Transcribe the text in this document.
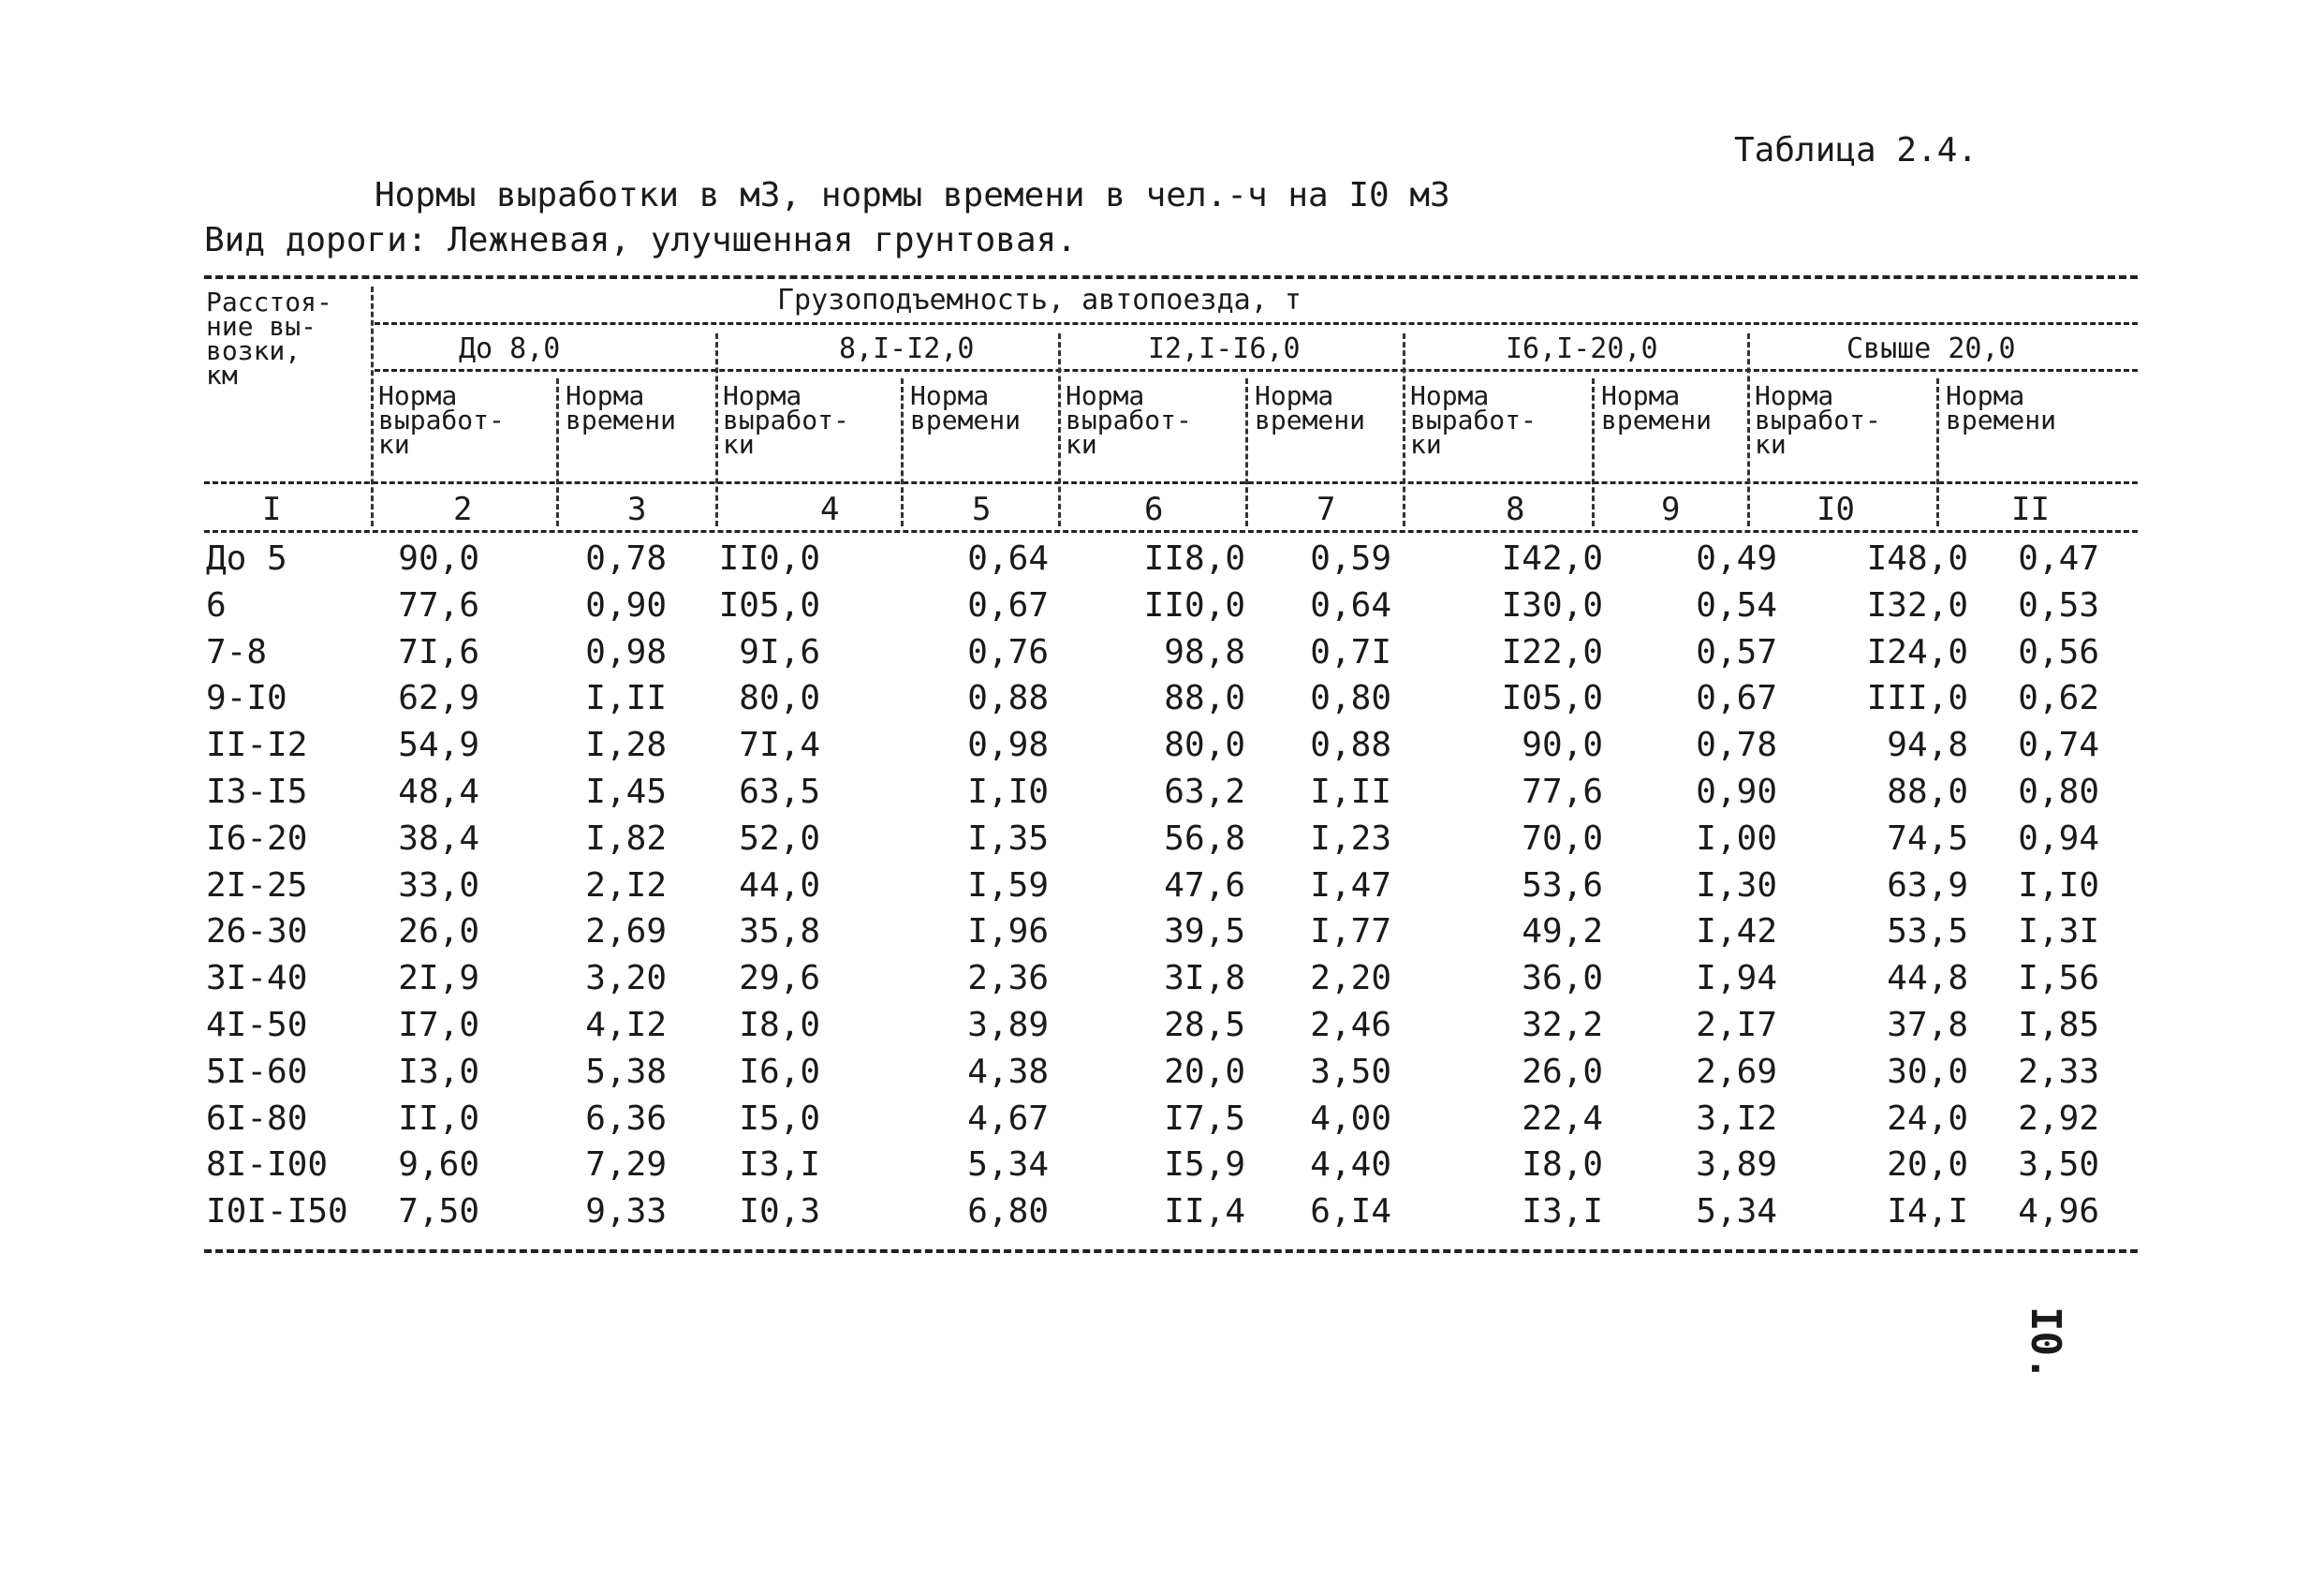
Таблица 2.4.
Нормы выработки в м3, нормы времени в чел.-ч на I0 м3
Вид дороги: Лежневая, улучшенная грунтовая.
Расстоя-
ние вы-
возки,
км
Грузоподъемность, автопоезда, т
До 8,0	8,I-I2,0	I2,I-I6,0	I6,I-20,0	Свыше 20,0
Норма
выработ-
ки
Норма
времени
Норма
выработ-
ки
Норма
времени
Норма
выработ-
ки
Норма
времени
Норма
выработ-
ки
Норма
времени
Норма
выработ-
ки
Норма
времени
I	2	3	4	5	6	7	8	9	I0	II
До 5	90,0	0,78	II0,0	0,64	II8,0	0,59	I42,0	0,49	I48,0	0,47
6	77,6	0,90	I05,0	0,67	II0,0	0,64	I30,0	0,54	I32,0	0,53
7-8	7I,6	0,98	9I,6	0,76	98,8	0,7I	I22,0	0,57	I24,0	0,56
9-I0	62,9	I,II	80,0	0,88	88,0	0,80	I05,0	0,67	III,0	0,62
II-I2	54,9	I,28	7I,4	0,98	80,0	0,88	90,0	0,78	94,8	0,74
I3-I5	48,4	I,45	63,5	I,I0	63,2	I,II	77,6	0,90	88,0	0,80
I6-20	38,4	I,82	52,0	I,35	56,8	I,23	70,0	I,00	74,5	0,94
2I-25	33,0	2,I2	44,0	I,59	47,6	I,47	53,6	I,30	63,9	I,I0
26-30	26,0	2,69	35,8	I,96	39,5	I,77	49,2	I,42	53,5	I,3I
3I-40	2I,9	3,20	29,6	2,36	3I,8	2,20	36,0	I,94	44,8	I,56
4I-50	I7,0	4,I2	I8,0	3,89	28,5	2,46	32,2	2,I7	37,8	I,85
5I-60	I3,0	5,38	I6,0	4,38	20,0	3,50	26,0	2,69	30,0	2,33
6I-80	II,0	6,36	I5,0	4,67	I7,5	4,00	22,4	3,I2	24,0	2,92
8I-I00	9,60	7,29	I3,I	5,34	I5,9	4,40	I8,0	3,89	20,0	3,50
I0I-I50	7,50	9,33	I0,3	6,80	II,4	6,I4	I3,I	5,34	I4,I	4,96
I0.
